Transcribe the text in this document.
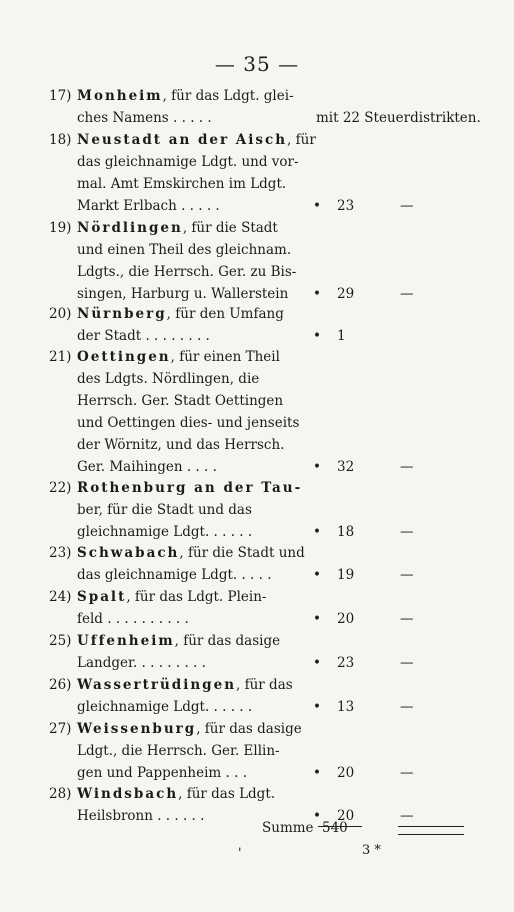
— 35 —
17) Monheim, für das Ldgt. glei-
ches Namens . . . . .	mit 22 Steuerdistrikten.
18) Neustadt an der Aisch, für
das gleichnamige Ldgt. und vor-
mal. Amt Emskirchen im Ldgt.
Markt Erlbach . . . . .	• 23	—
19) Nördlingen, für die Stadt
und einen Theil des gleichnam.
Ldgts., die Herrsch. Ger. zu Bis-
singen, Harburg u. Wallerstein • 29	—
20) Nürnberg, für den Umfang
der Stadt . . . . . . . .	• 1
21) Oettingen, für einen Theil
des Ldgts. Nördlingen, die
Herrsch. Ger. Stadt Oettingen
und Oettingen dies- und jenseits
der Wörnitz, und das Herrsch.
Ger. Maihingen . . . .	• 32	—
22) Rothenburg an der Tau-
ber, für die Stadt und das
gleichnamige Ldgt. . . . . .	• 18	—
23) Schwabach, für die Stadt und
das gleichnamige Ldgt. . . . .	• 19	—
24) Spalt, für das Ldgt. Plein-
feld . . . . . . . . . .	• 20	—
25) Uffenheim, für das dasige
Landger. . . . . . . . .	• 23	—
26) Wassertrüdingen, für das
gleichnamige Ldgt. . . . . .	• 13	—
27) Weissenburg, für das dasige
Ldgt., die Herrsch. Ger. Ellin-
gen und Pappenheim . . .	• 20	—
28) Windsbach, für das Ldgt.
Heilsbronn . . . . . .	• 20	—
Summe 540
'	3 *
